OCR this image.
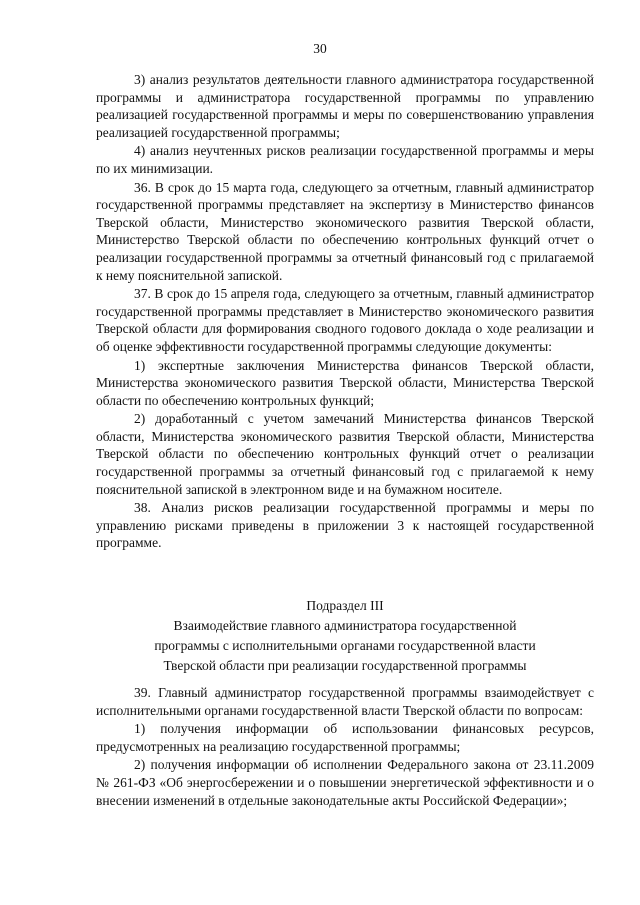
30

3) анализ результатов деятельности главного администратора государственной программы и администратора государственной программы по управлению реализацией государственной программы и меры по совершенствованию управления реализацией государственной программы;

4) анализ неучтенных рисков реализации государственной программы и меры по их минимизации.

36. В срок до 15 марта года, следующего за отчетным, главный администратор государственной программы представляет на экспертизу в Министерство финансов Тверской области, Министерство экономического развития Тверской области, Министерство Тверской области по обеспечению контрольных функций отчет о реализации государственной программы за отчетный финансовый год с прилагаемой к нему пояснительной запиской.

37. В срок до 15 апреля года, следующего за отчетным, главный администратор государственной программы представляет в Министерство экономического развития Тверской области для формирования сводного годового доклада о ходе реализации и об оценке эффективности государственной программы следующие документы:

1) экспертные заключения Министерства финансов Тверской области, Министерства экономического развития Тверской области, Министерства Тверской области по обеспечению контрольных функций;

2) доработанный с учетом замечаний Министерства финансов Тверской области, Министерства экономического развития Тверской области, Министерства Тверской области по обеспечению контрольных функций отчет о реализации государственной программы за отчетный финансовый год с прилагаемой к нему пояснительной запиской в электронном виде и на бумажном носителе.

38. Анализ рисков реализации государственной программы и меры по управлению рисками приведены в приложении 3 к настоящей государственной программе.

Подраздел III
Взаимодействие главного администратора государственной
программы с исполнительными органами государственной власти
Тверской области при реализации государственной программы

39. Главный администратор государственной программы взаимодействует с исполнительными органами государственной власти Тверской области по вопросам:

1) получения информации об использовании финансовых ресурсов, предусмотренных на реализацию государственной программы;

2) получения информации об исполнении Федерального закона от 23.11.2009 № 261-ФЗ «Об энергосбережении и о повышении энергетической эффективности и о внесении изменений в отдельные законодательные акты Российской Федерации»;
